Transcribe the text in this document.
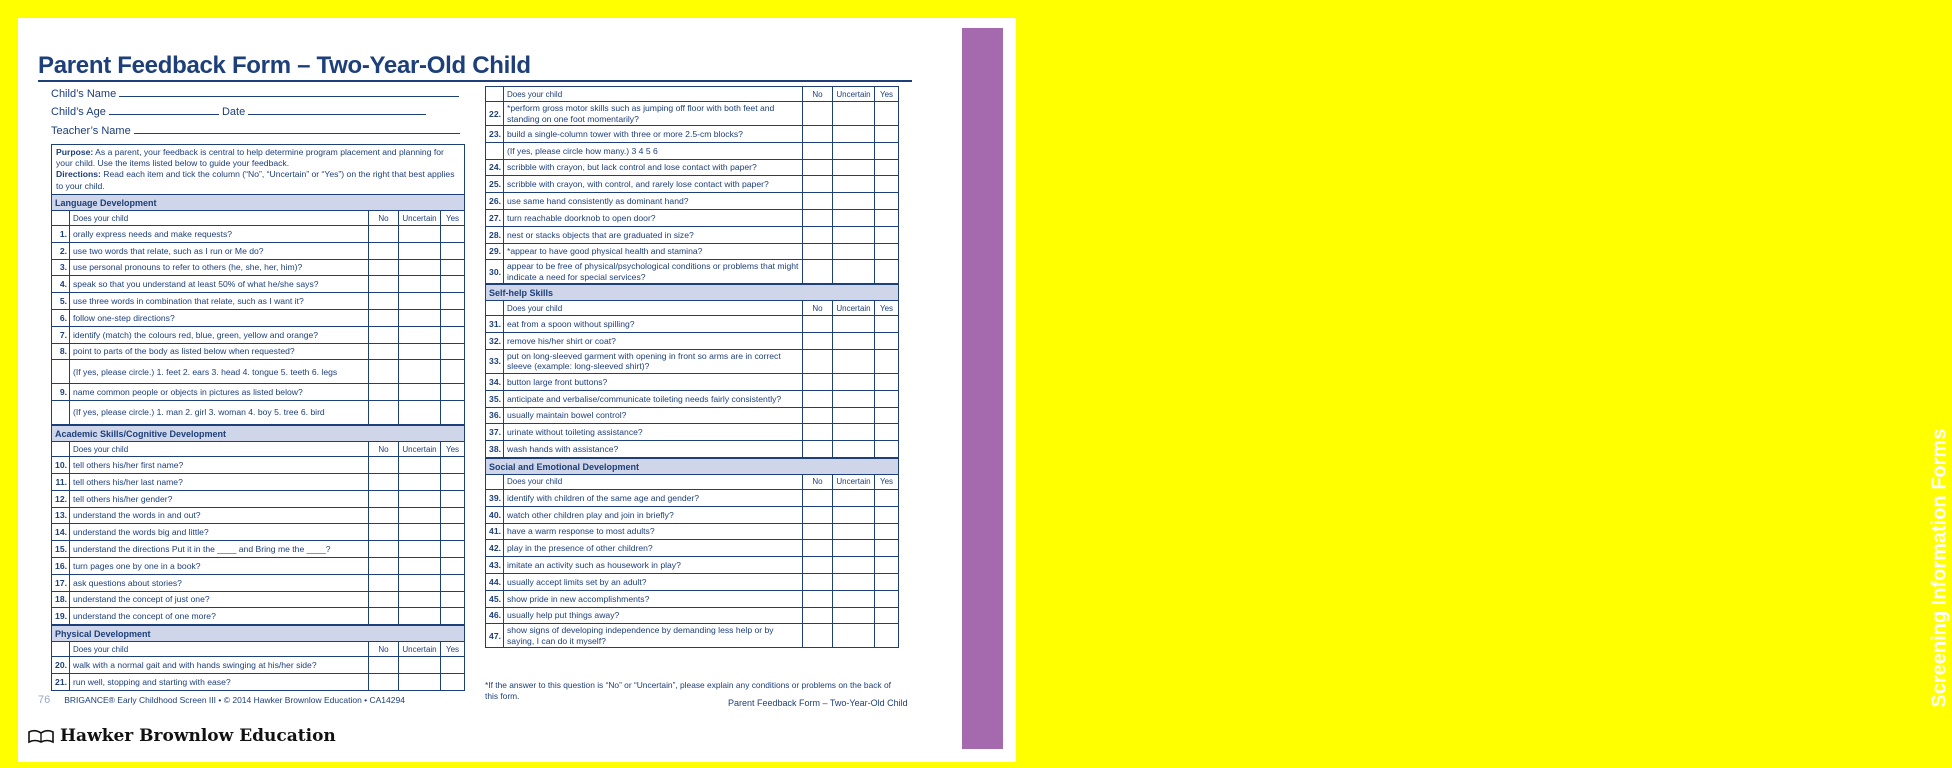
Parent Feedback Form – Two-Year-Old Child
Child’s Name
Child’s Age	Date
Teacher’s Name
Purpose: As a parent, your feedback is central to help determine program placement and planning for your child. Use the items listed below to guide your feedback.
Directions: Read each item and tick the column (“No”, “Uncertain” or “Yes”) on the right that best applies to your child.
Language Development
	Does your child	No	Uncertain	Yes
1.	orally express needs and make requests?			
2.	use two words that relate, such as I run or Me do?			
3.	use personal pronouns to refer to others (he, she, her, him)?			
4.	speak so that you understand at least 50% of what he/she says?			
5.	use three words in combination that relate, such as I want it?			
6.	follow one-step directions?			
7.	identify (match) the colours red, blue, green, yellow and orange?			
8.	point to parts of the body as listed below when requested?			
	(If yes, please circle.) 1. feet 2. ears 3. head 4. tongue 5. teeth 6. legs			
9.	name common people or objects in pictures as listed below?			
	(If yes, please circle.) 1. man 2. girl 3. woman 4. boy 5. tree 6. bird			
Academic Skills/Cognitive Development
	Does your child	No	Uncertain	Yes
10.	tell others his/her first name?			
11.	tell others his/her last name?			
12.	tell others his/her gender?			
13.	understand the words in and out?			
14.	understand the words big and little?			
15.	understand the directions Put it in the ____ and Bring me the ____?			
16.	turn pages one by one in a book?			
17.	ask questions about stories?			
18.	understand the concept of just one?			
19.	understand the concept of one more?			
Physical Development
	Does your child	No	Uncertain	Yes
20.	walk with a normal gait and with hands swinging at his/her side?			
21.	run well, stopping and starting with ease?			
	Does your child	No	Uncertain	Yes
22.	*perform gross motor skills such as jumping off floor with both feet and standing on one foot momentarily?			
23.	build a single-column tower with three or more 2.5-cm blocks?			
	(If yes, please circle how many.) 3 4 5 6			
24.	scribble with crayon, but lack control and lose contact with paper?			
25.	scribble with crayon, with control, and rarely lose contact with paper?			
26.	use same hand consistently as dominant hand?			
27.	turn reachable doorknob to open door?			
28.	nest or stacks objects that are graduated in size?			
29.	*appear to have good physical health and stamina?			
30.	appear to be free of physical/psychological conditions or problems that might indicate a need for special services?			
Self-help Skills
	Does your child	No	Uncertain	Yes
31.	eat from a spoon without spilling?			
32.	remove his/her shirt or coat?			
33.	put on long-sleeved garment with opening in front so arms are in correct sleeve (example: long-sleeved shirt)?			
34.	button large front buttons?			
35.	anticipate and verbalise/communicate toileting needs fairly consistently?			
36.	usually maintain bowel control?			
37.	urinate without toileting assistance?			
38.	wash hands with assistance?			
Social and Emotional Development
	Does your child	No	Uncertain	Yes
39.	identify with children of the same age and gender?			
40.	watch other children play and join in briefly?			
41.	have a warm response to most adults?			
42.	play in the presence of other children?			
43.	imitate an activity such as housework in play?			
44.	usually accept limits set by an adult?			
45.	show pride in new accomplishments?			
46.	usually help put things away?			
47.	show signs of developing independence by demanding less help or by saying, I can do it myself?			
76 BRIGANCE® Early Childhood Screen III • © 2014 Hawker Brownlow Education • CA14294
*If the answer to this question is “No” or “Uncertain”, please explain any conditions or problems on the back of this form.
Parent Feedback Form – Two-Year-Old Child
Hawker Brownlow Education
Screening Information Forms
